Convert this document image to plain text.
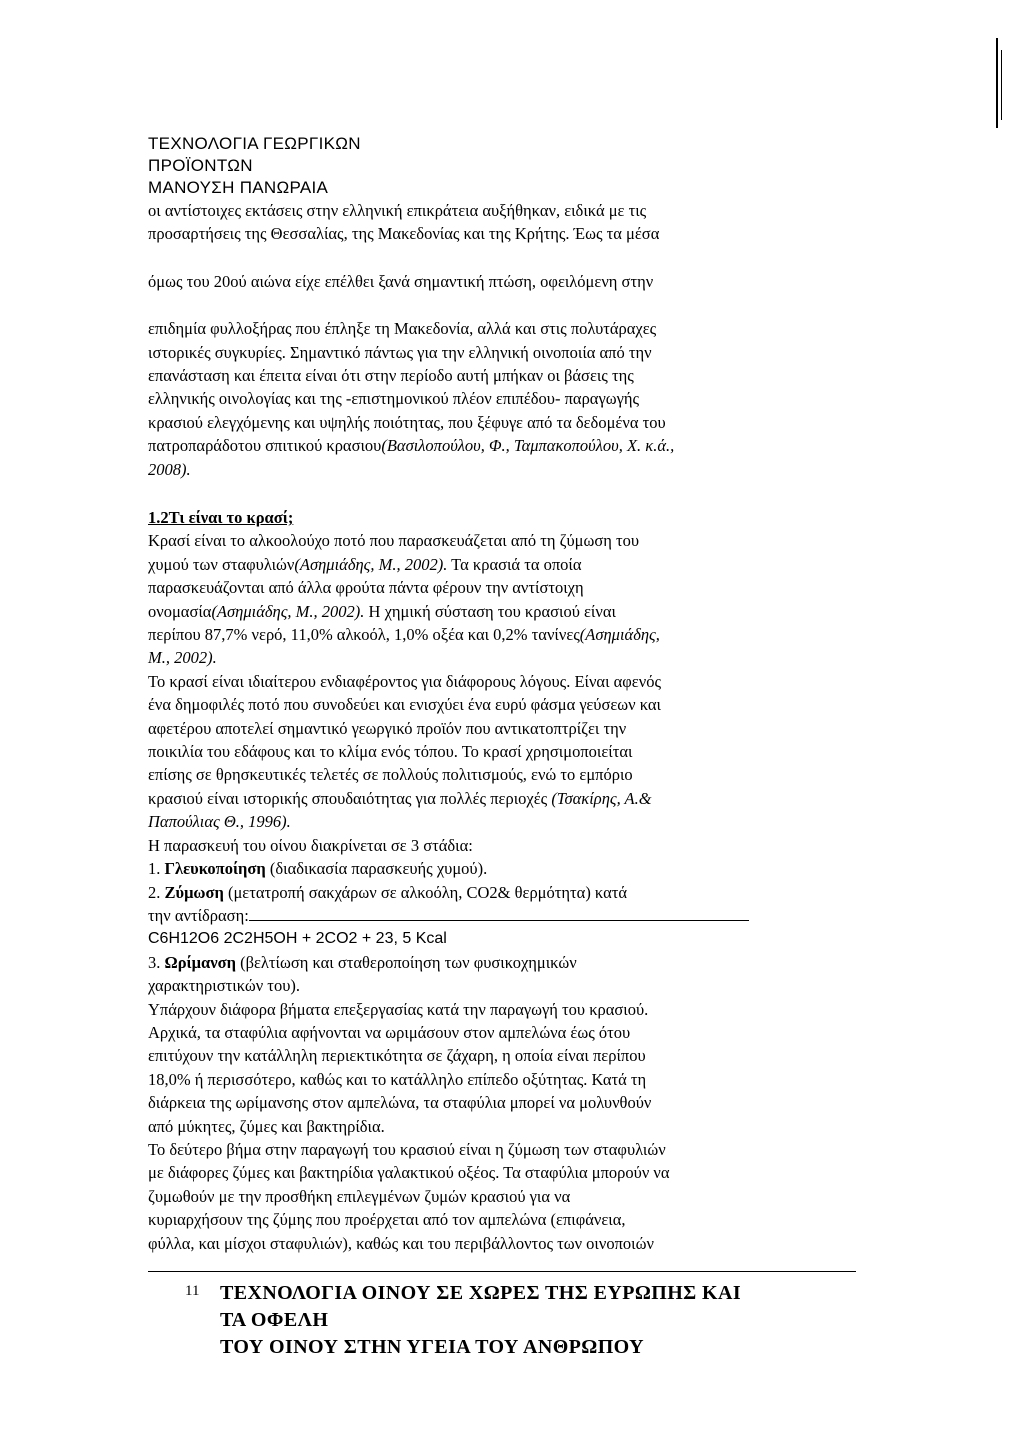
ΤΕΧΝΟΛΟΓΙΑ ΓΕΩΡΓΙΚΩΝ
ΠΡΟΪΟΝΤΩΝ
ΜΑΝΟΥΣΗ ΠΑΝΩΡΑΙΑ

οι αντίστοιχες εκτάσεις στην ελληνική επικράτεια αυξήθηκαν, ειδικά με τις

προσαρτήσεις της Θεσσαλίας, της Μακεδονίας και της Κρήτης. Έως τα μέσα

όμως του 20ού αιώνα είχε επέλθει ξανά σημαντική πτώση, οφειλόμενη στην

επιδημία φυλλοξήρας που έπληξε τη Μακεδονία, αλλά και στις πολυτάραχες

ιστορικές συγκυρίες. Σημαντικό πάντως για την ελληνική οινοποιία από την

επανάσταση και έπειτα είναι ότι στην περίοδο αυτή μπήκαν οι βάσεις της

ελληνικής οινολογίας και της -επιστημονικού πλέον επιπέδου- παραγωγής

κρασιού ελεγχόμενης και υψηλής ποιότητας, που ξέφυγε από τα δεδομένα του

πατροπαράδοτου σπιτικού κρασιου(Βασιλοπούλου, Φ., Ταμπακοπούλου, Χ. κ.ά.,

2008).

1.2Τι είναι το κρασί;

Κρασί είναι το αλκοολούχο ποτό που παρασκευάζεται από τη ζύμωση του

χυμού των σταφυλιών(Ασημιάδης, Μ., 2002). Τα κρασιά τα οποία

παρασκευάζονται από άλλα φρούτα πάντα φέρουν την αντίστοιχη

ονομασία(Ασημιάδης, Μ., 2002). Η χημική σύσταση του κρασιού είναι

περίπου 87,7% νερό, 11,0% αλκοόλ, 1,0% οξέα και 0,2% τανίνες(Ασημιάδης,

Μ., 2002).

Το κρασί είναι ιδιαίτερου ενδιαφέροντος για διάφορους λόγους. Είναι αφενός

ένα δημοφιλές ποτό που συνοδεύει και ενισχύει ένα ευρύ φάσμα γεύσεων και

αφετέρου αποτελεί σημαντικό γεωργικό προϊόν που αντικατοπτρίζει την

ποικιλία του εδάφους και το κλίμα ενός τόπου. Το κρασί χρησιμοποιείται

επίσης σε θρησκευτικές τελετές σε πολλούς πολιτισμούς, ενώ το εμπόριο

κρασιού είναι ιστορικής σπουδαιότητας για πολλές περιοχές (Τσακίρης, Α.&

Παπούλιας Θ., 1996).

Η παρασκευή του οίνου διακρίνεται σε 3 στάδια:

1. Γλευκοποίηση (διαδικασία παρασκευής χυμού).

2. Ζύμωση (μετατροπή σακχάρων σε αλκοόλη, CO2& θερμότητα) κατά

την αντίδραση:

C6H12O6 2C2H5OH + 2CO2 + 23, 5 Kcal

3. Ωρίμανση (βελτίωση και σταθεροποίηση των φυσικοχημικών

χαρακτηριστικών του).

Υπάρχουν διάφορα βήματα επεξεργασίας κατά την παραγωγή του κρασιού.

Αρχικά, τα σταφύλια αφήνονται να ωριμάσουν στον αμπελώνα έως ότου

επιτύχουν την κατάλληλη περιεκτικότητα σε ζάχαρη, η οποία είναι περίπου

18,0% ή περισσότερο, καθώς και το κατάλληλο επίπεδο οξύτητας. Κατά τη

διάρκεια της ωρίμανσης στον αμπελώνα, τα σταφύλια μπορεί να μολυνθούν

από μύκητες, ζύμες και βακτηρίδια.

Το δεύτερο βήμα στην παραγωγή του κρασιού είναι η ζύμωση των σταφυλιών

με διάφορες ζύμες και βακτηρίδια γαλακτικού οξέος. Τα σταφύλια μπορούν να

ζυμωθούν με την προσθήκη επιλεγμένων ζυμών κρασιού για να

κυριαρχήσουν της ζύμης που προέρχεται από τον αμπελώνα (επιφάνεια,

φύλλα, και μίσχοι σταφυλιών), καθώς και του περιβάλλοντος των οινοποιών

11 ΤΕΧΝΟΛΟΓΙΑ ΟΙΝΟΥ ΣΕ ΧΩΡΕΣ ΤΗΣ ΕΥΡΩΠΗΣ ΚΑΙ
ΤΑ ΟΦΕΛΗ
ΤΟΥ ΟΙΝΟΥ ΣΤΗΝ ΥΓΕΙΑ ΤΟΥ ΑΝΘΡΩΠΟΥ
